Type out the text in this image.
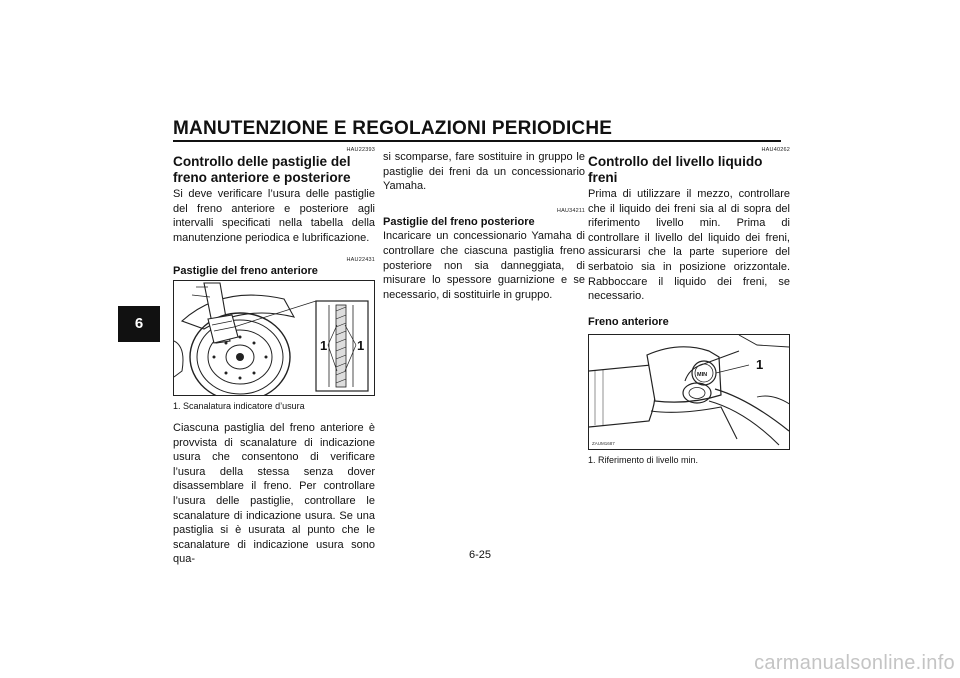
MANUTENZIONE E REGOLAZIONI PERIODICHE
6
HAU22393
Controllo delle pastiglie del freno anteriore e posteriore
Si deve verificare l’usura delle pastiglie del freno anteriore e posteriore agli intervalli specificati nella tabella della manutenzione periodica e lubrificazione.
HAU22431
Pastiglie del freno anteriore
1 1
1. Scanalatura indicatore d’usura
Ciascuna pastiglia del freno anteriore è provvista di scanalature di indicazione usura che consentono di verificare l’usura della stessa senza dover disassemblare il freno. Per controllare l’usura delle pastiglie, controllare le scanalature di indicazione usura. Se una pastiglia si è usurata al punto che le scanalature di indicazione usura sono qua-
si scomparse, fare sostituire in gruppo le pastiglie dei freni da un concessionario Yamaha.
HAU34211
Pastiglie del freno posteriore
Incaricare un concessionario Yamaha di controllare che ciascuna pastiglia freno posteriore non sia danneggiata, di misurare lo spessore guarnizione e se necessario, di sostituirle in gruppo.
HAU40262
Controllo del livello liquido freni
Prima di utilizzare il mezzo, controllare che il liquido dei freni sia al di sopra del riferimento livello min. Prima di controllare il livello del liquido dei freni, assicurarsi che la parte superiore del serbatoio sia in posizione orizzontale. Rabboccare il liquido dei freni, se necessario.
Freno anteriore
MIN
1
ZAUM1687
1. Riferimento di livello min.
6-25
carmanualsonline.info
